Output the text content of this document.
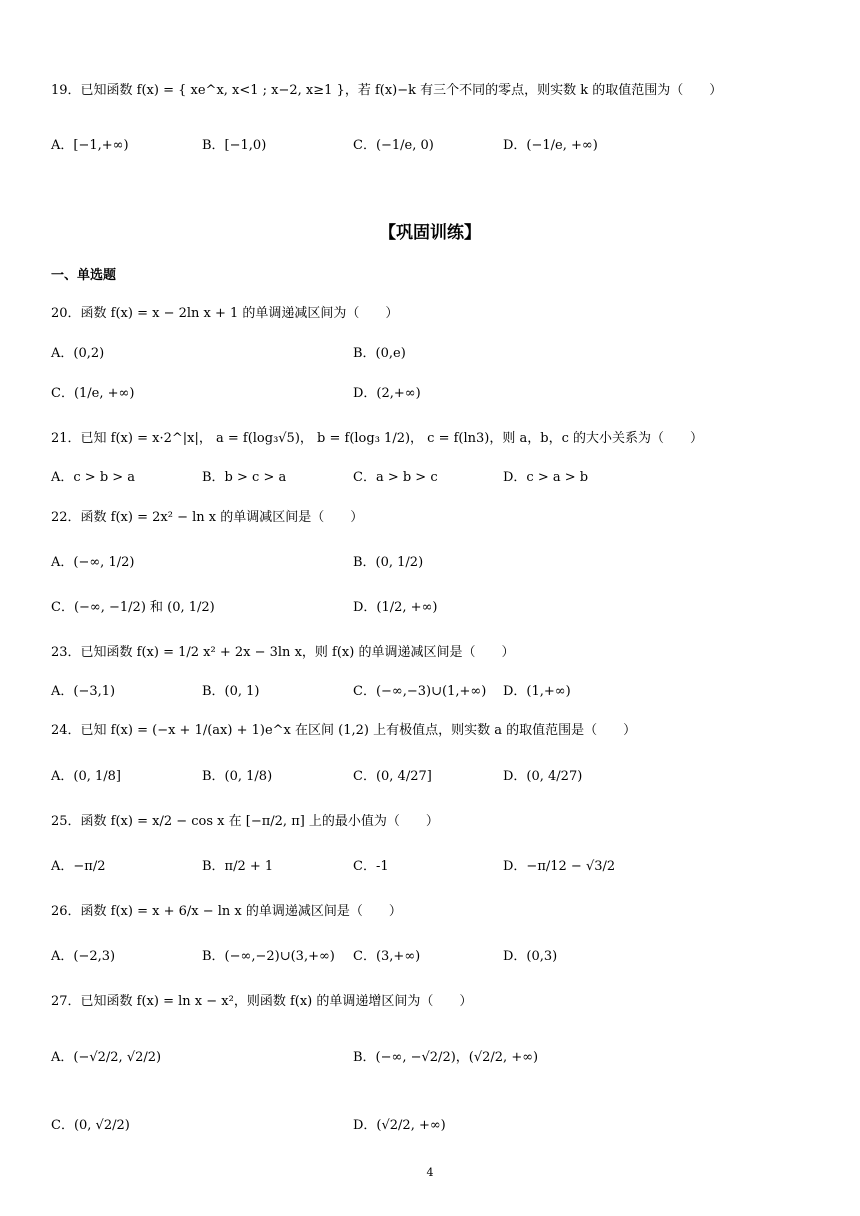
19．已知函数 f(x) = { xe^x, x<1 ; x−2, x≥1 }，若 f(x)−k 有三个不同的零点，则实数 k 的取值范围为（　　）
A．[−1,+∞)	B．[−1,0)	C．(−1/e, 0)	D．(−1/e, +∞)
【巩固训练】
一、单选题
20．函数 f(x) = x − 2ln x + 1 的单调递减区间为（　　）
A．(0,2)	B．(0,e)
C．(1/e, +∞)	D．(2,+∞)
21．已知 f(x) = x·2^|x|， a = f(log₃√5)， b = f(log₃ 1/2)， c = f(ln3)，则 a，b，c 的大小关系为（　　）
A．c > b > a	B．b > c > a	C．a > b > c	D．c > a > b
22．函数 f(x) = 2x² − ln x 的单调减区间是（　　）
A．(−∞, 1/2)	B．(0, 1/2)
C．(−∞, −1/2) 和 (0, 1/2)	D．(1/2, +∞)
23．已知函数 f(x) = 1/2 x² + 2x − 3ln x，则 f(x) 的单调递减区间是（　　）
A．(−3,1)	B．(0, 1)	C．(−∞,−3)∪(1,+∞) D．(1,+∞)
24．已知 f(x) = (−x + 1/(ax) + 1)e^x 在区间 (1,2) 上有极值点，则实数 a 的取值范围是（　　）
A．(0, 1/8]	B．(0, 1/8)	C．(0, 4/27]	D．(0, 4/27)
25．函数 f(x) = x/2 − cos x 在 [−π/2, π] 上的最小值为（　　）
A．−π/2	B．π/2 + 1	C．-1	D．−π/12 − √3/2
26．函数 f(x) = x + 6/x − ln x 的单调递减区间是（　　）
A．(−2,3)	B．(−∞,−2)∪(3,+∞) C．(3,+∞)	D．(0,3)
27．已知函数 f(x) = ln x − x²，则函数 f(x) 的单调递增区间为（　　）
A．(−√2/2, √2/2)	B．(−∞, −√2/2)，(√2/2, +∞)
C．(0, √2/2)	D．(√2/2, +∞)
4
